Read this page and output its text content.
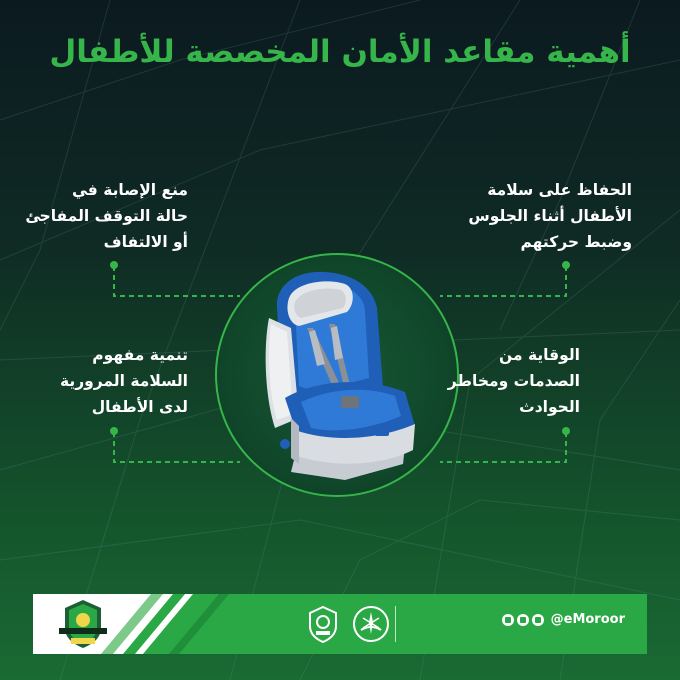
أهمية مقاعد الأمان المخصصة للأطفال
الحفاظ على سلامة
الأطفال أثناء الجلوس
وضبط حركتهم
منع الإصابة في
حالة التوقف المفاجئ
أو الالتفاف
الوقاية من
الصدمات ومخاطر
الحوادث
تنمية مفهوم
السلامة المرورية
لدى الأطفال
@eMoroor
